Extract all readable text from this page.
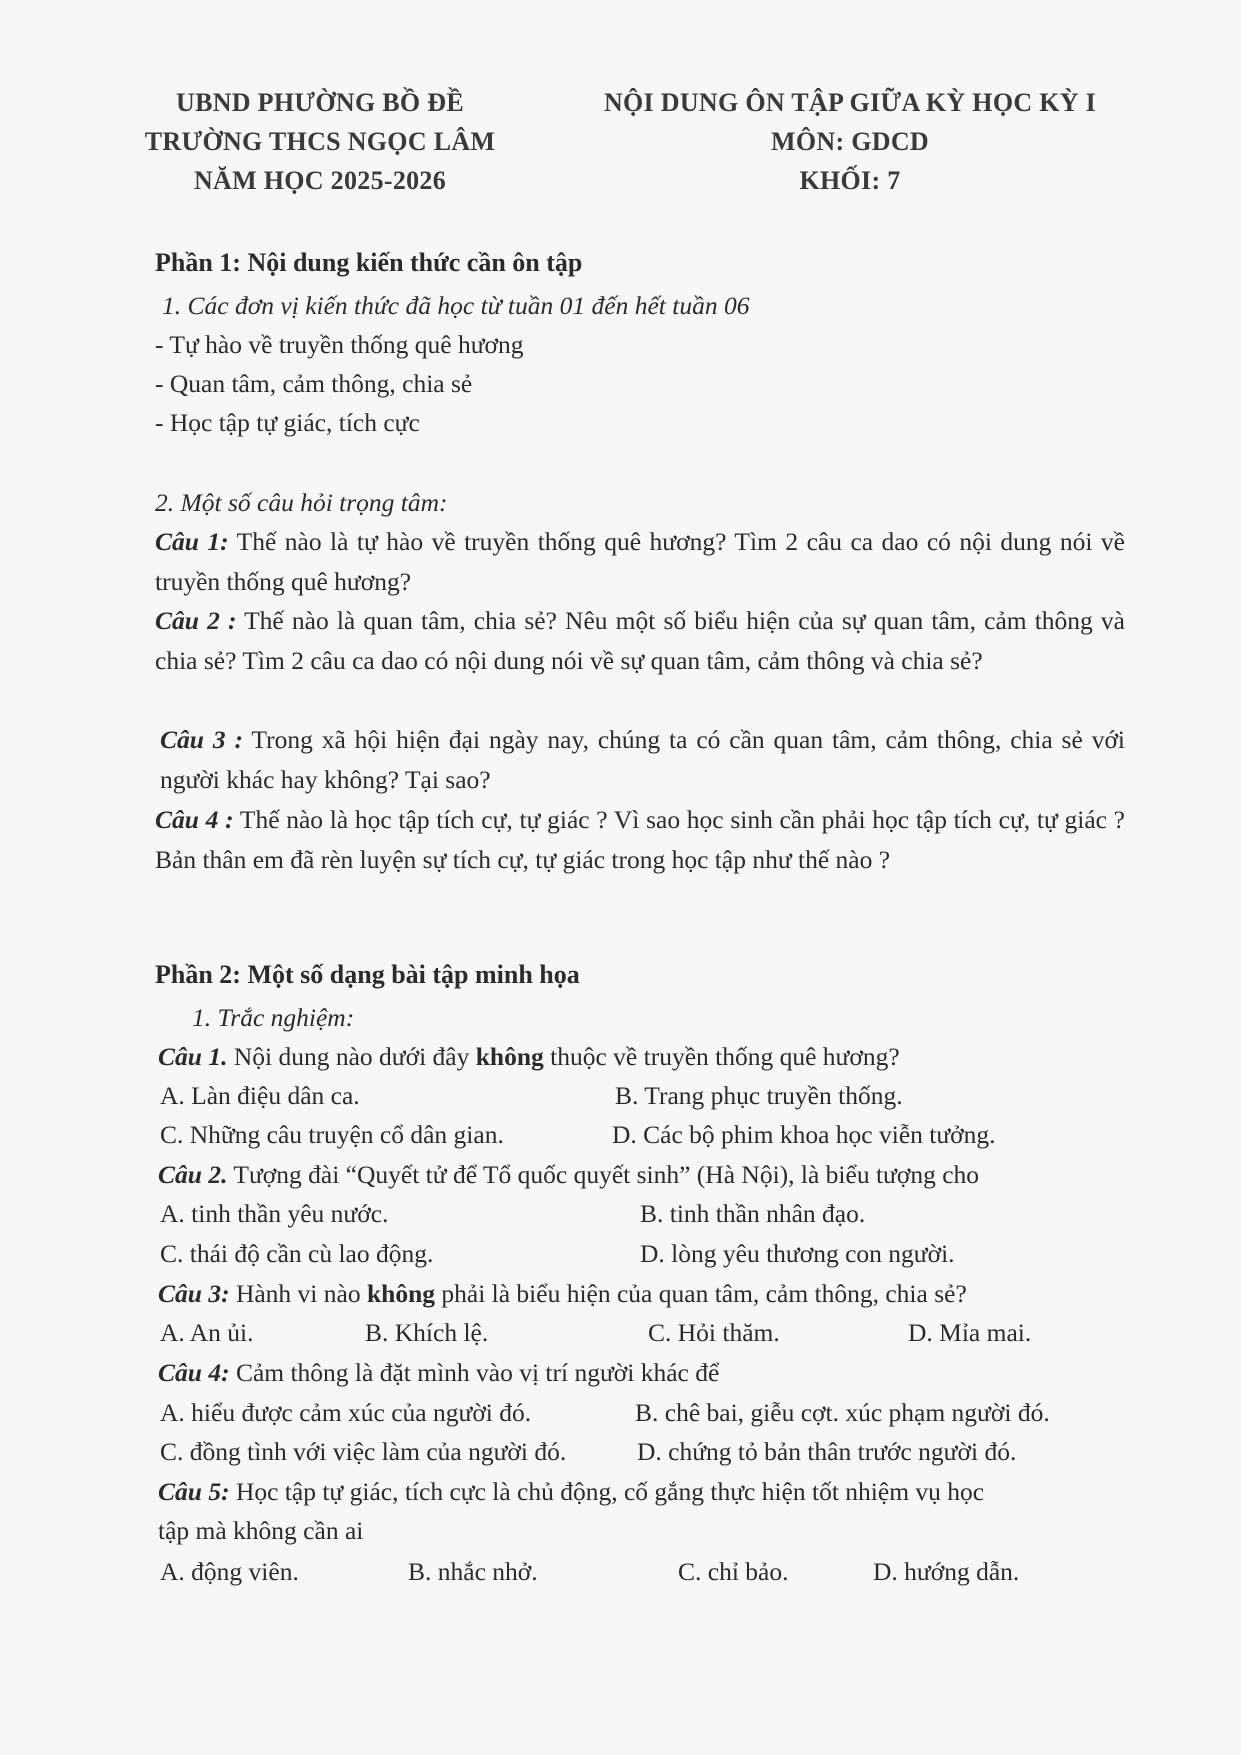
UBND PHƯỜNG BỒ ĐỀ
TRƯỜNG THCS NGỌC LÂM
NĂM HỌC 2025-2026
NỘI DUNG ÔN TẬP GIỮA KỲ HỌC KỲ I
MÔN: GDCD
KHỐI: 7
Phần 1: Nội dung kiến thức cần ôn tập
1. Các đơn vị kiến thức đã học từ tuần 01 đến hết tuần 06
- Tự hào về truyền thống quê hương
- Quan tâm, cảm thông, chia sẻ
- Học tập tự giác, tích cực
2. Một số câu hỏi trọng tâm:
Câu 1: Thế nào là tự hào về truyền thống quê hương? Tìm 2 câu ca dao có nội dung nói về truyền thống quê hương?
Câu 2 : Thế nào là quan tâm, chia sẻ? Nêu một số biểu hiện của sự quan tâm, cảm thông và chia sẻ? Tìm 2 câu ca dao có nội dung nói về sự quan tâm, cảm thông và chia sẻ?
Câu 3 : Trong xã hội hiện đại ngày nay, chúng ta có cần quan tâm, cảm thông, chia sẻ với người khác hay không? Tại sao?
Câu 4 : Thế nào là học tập tích cự, tự giác ? Vì sao học sinh cần phải học tập tích cự, tự giác ? Bản thân em đã rèn luyện sự tích cự, tự giác trong học tập như thế nào ?
Phần 2: Một số dạng bài tập minh họa
1. Trắc nghiệm:
Câu 1. Nội dung nào dưới đây không thuộc về truyền thống quê hương?
A. Làn điệu dân ca.	B. Trang phục truyền thống.
C. Những câu truyện cổ dân gian.	D. Các bộ phim khoa học viễn tưởng.
Câu 2. Tượng đài “Quyết tử để Tổ quốc quyết sinh” (Hà Nội), là biểu tượng cho
A. tinh thần yêu nước.	B. tinh thần nhân đạo.
C. thái độ cần cù lao động.	D. lòng yêu thương con người.
Câu 3: Hành vi nào không phải là biểu hiện của quan tâm, cảm thông, chia sẻ?
A. An ủi.	B. Khích lệ.	C. Hỏi thăm.	D. Mỉa mai.
Câu 4: Cảm thông là đặt mình vào vị trí người khác để
A. hiểu được cảm xúc của người đó.	B. chê bai, giễu cợt. xúc phạm người đó.
C. đồng tình với việc làm của người đó.	D. chứng tỏ bản thân trước người đó.
Câu 5: Học tập tự giác, tích cực là chủ động, cố gắng thực hiện tốt nhiệm vụ học
tập mà không cần ai
A. động viên.	B. nhắc nhở.	C. chỉ bảo.	D. hướng dẫn.
